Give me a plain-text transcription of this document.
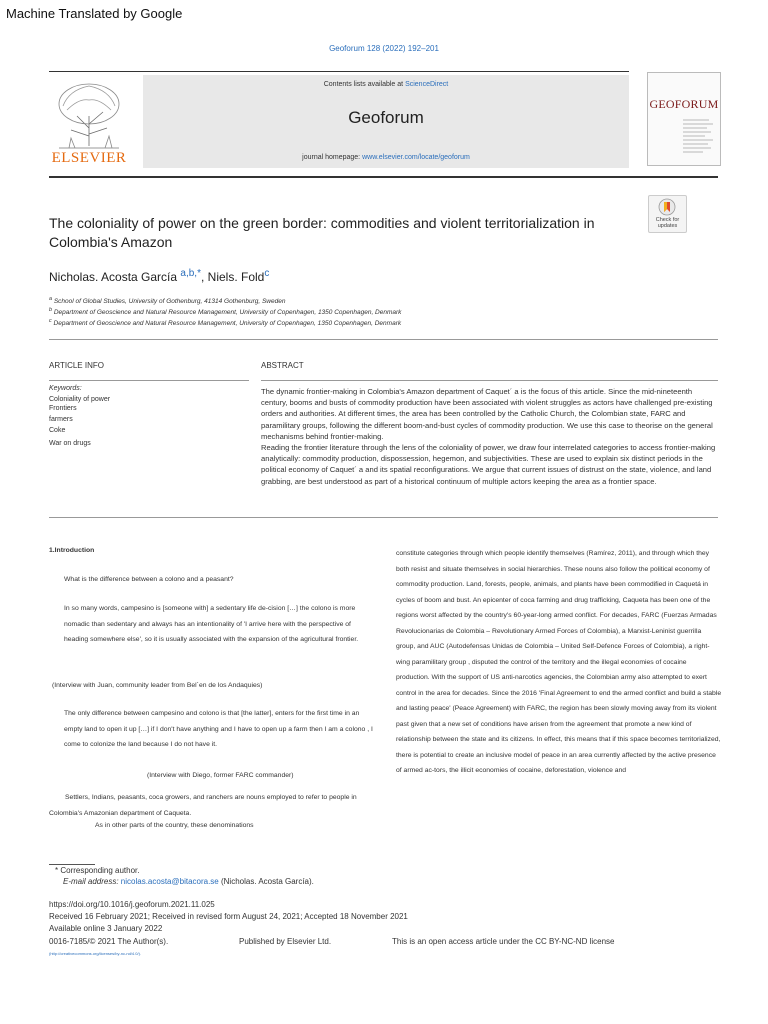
Machine Translated by Google
Geoforum 128 (2022) 192–201
ELSEVIER
Contents lists available at ScienceDirect
Geoforum
journal homepage: www.elsevier.com/locate/geoforum
GEOFORUM
The coloniality of power on the green border: commodities and violent territorialization in
Colombia's Amazon
Check for updates
Nicholas. Acosta García $^{a,b,*}$, Niels. Fold$^c$
$^a$ School of Global Studies, University of Gothenburg, 41314 Gothenburg, Sweden
$^b$ Department of Geoscience and Natural Resource Management, University of Copenhagen, 1350 Copenhagen, Denmark
$^c$ Department of Geoscience and Natural Resource Management, University of Copenhagen, 1350 Copenhagen, Denmark
ARTICLE INFO	ABSTRACT
Keywords:
Coloniality of power
Frontiers
farmers
Coke
War on drugs
The dynamic frontier-making in Colombia's Amazon department of Caquet´ a is the focus of this article. Since the mid-nineteenth century, booms and busts of commodity production have been associated with violent struggles as actors have challenged pre-existing orders and authorities. At different times, the area has been controlled by the Catholic Church, the Colombian state, FARC and paramilitary groups, following the different boom-and-bust cycles of commodity production. We use this case to theorise on the general mechanisms behind frontier-making.
Reading the frontier literature through the lens of the coloniality of power, we draw four interrelated categories to access frontier-making analytically: commodity production, dispossession, hegemon, and subjectivities. These are used to explain six distinct periods in the political economy of Caquet´ a and its spatial reconfigurations. We argue that current issues of distrust on the state, violence, and land grabbing, are best understood as part of a historical continuum of multiple actors keeping the area as a frontier space.
1.Introduction
What is the difference between a colono and a peasant?
In so many words, campesino is [someone with] a sedentary life de-cision […] the colono is more nomadic than sedentary and always has an intentionality of 'I arrive here with the perspective of heading somewhere else', so it is usually associated with the expansion of the agricultural frontier.
(Interview with Juan, community leader from Bel´en de los Andaquies)
The only difference between campesino and colono is that [the latter], enters for the first time in an empty land to open it up […] if I don't have anything and I have to open up a farm then I am a colono , I come to colonize the land because I do not have it.
(Interview with Diego, former FARC commander)
Settlers, Indians, peasants, coca growers, and ranchers are nouns employed to refer to people in Colombia's Amazonian department of Caqueta.
As in other parts of the country, these denominations
constitute categories through which people identify themselves (Ramírez, 2011), and through which they both resist and situate themselves in social hierarchies. These nouns also follow the political economy of commodity production. Land, forests, people, animals, and plants have been commodified in Caquetá in cycles of boom and bust. An epicenter of coca farming and drug trafficking, Caqueta has been one of the regions worst affected by the country's 60-year-long armed conflict. For decades, FARC (Fuerzas Armadas Revolucionarias de Colombia – Revolutionary Armed Forces of Colombia), a Marxist-Leninist guerrilla group, and AUC (Autodefensas Unidas de Colombia – United Self-Defence Forces of Colombia), a right-wing paramilitary group , disputed the control of the territory and the illegal economies of cocaine production. With the support of US anti-narcotics agencies, the Colombian army also attempted to exert control in the area for decades. Since the 2016 'Final Agreement to end the armed conflict and build a stable and lasting peace' (Peace Agreement) with FARC, the region has been slowly moving away from its violent past given that a new set of conditions have arisen from the agreement that promote a new kind of relationship between the state and its citizens. In effect, this means that if this space becomes territorialized, there is potential to create an inclusive model of peace in an area currently affected by the active presence of armed ac-tors, the illicit economies of cocaine, deforestation, violence and
* Corresponding author.
E-mail address: nicolas.acosta@bitacora.se (Nicholas. Acosta García).
https://doi.org/10.1016/j.geoforum.2021.11.025
Received 16 February 2021; Received in revised form August 24, 2021; Accepted 18 November 2021
Available online 3 January 2022
0016-7185/© 2021 The Author(s).	Published by Elsevier Ltd.	This is an open access article under the CC BY-NC-ND license
(http://creativecommons.org/licenses/by-nc-nd/4.0/).
